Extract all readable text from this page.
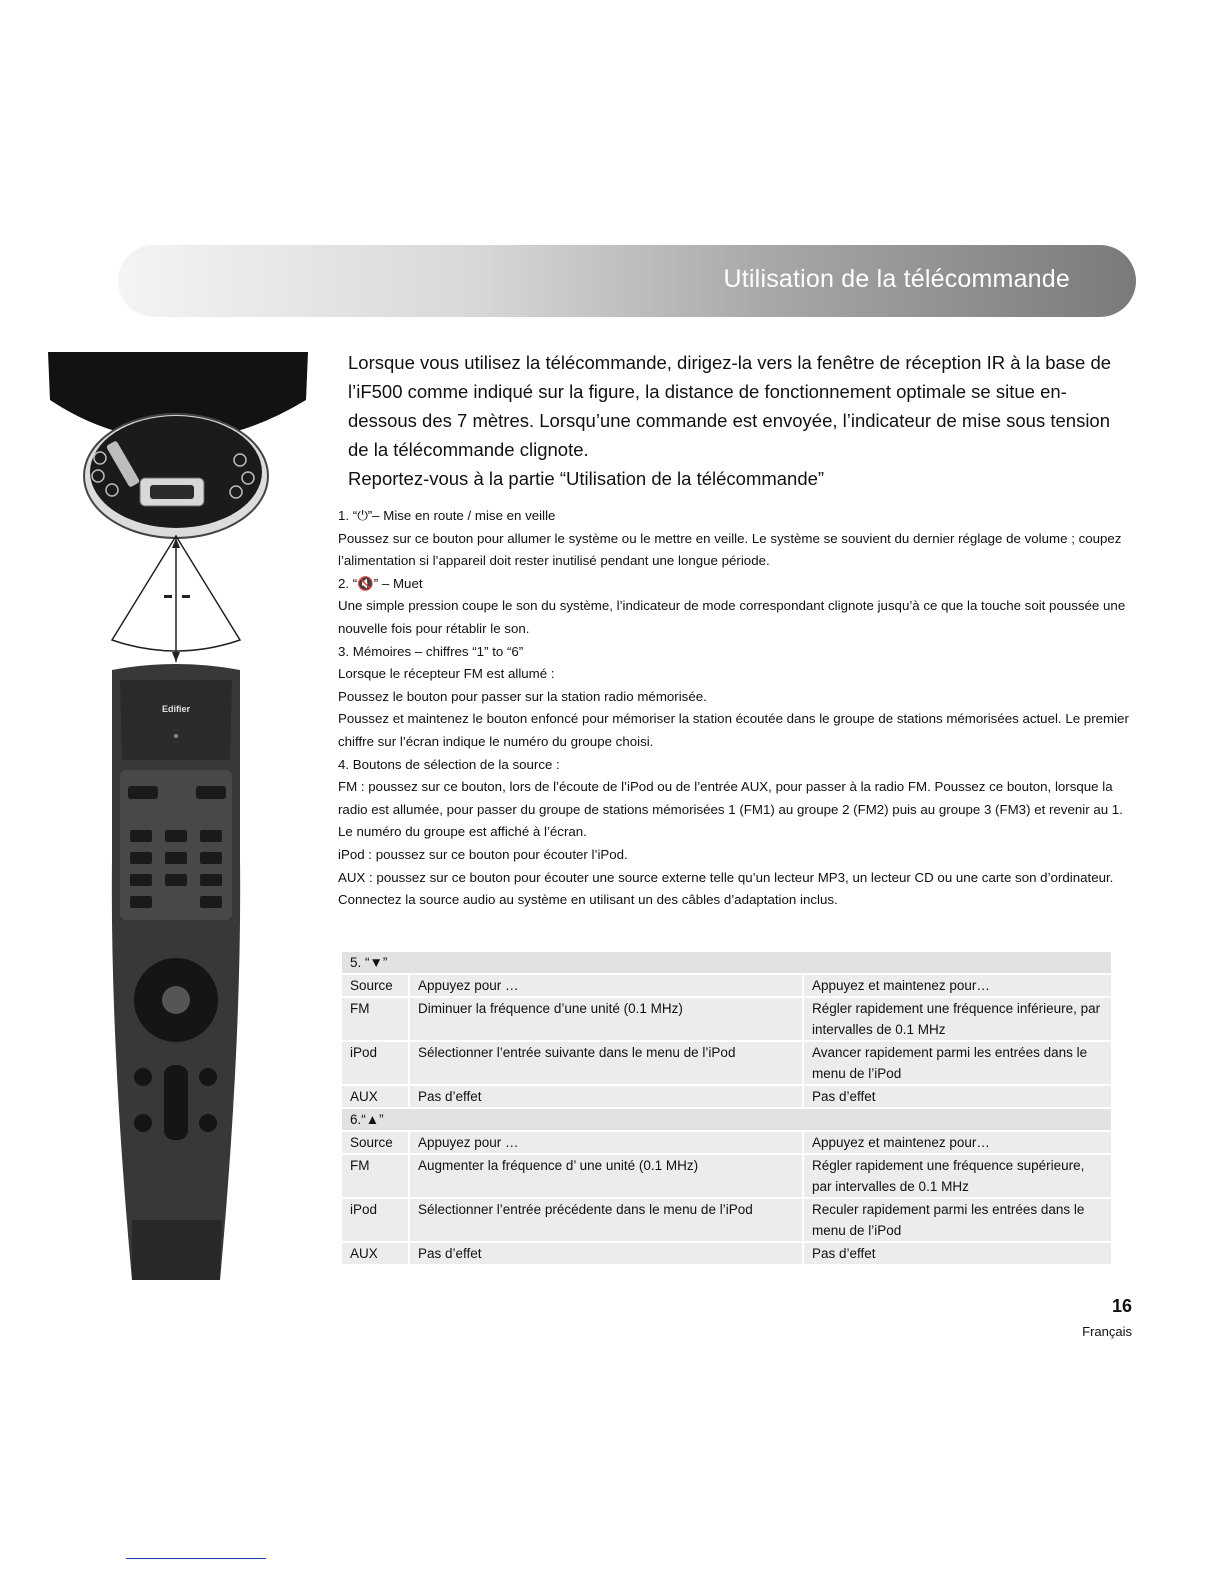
Utilisation de la télécommande
Edifier

Lorsque vous utilisez la télécommande, dirigez-la vers la fenêtre de réception IR à la base de l’iF500 comme indiqué sur la figure, la distance de fonctionnement optimale se situe en-dessous des 7 mètres. Lorsqu’une commande est envoyée, l’indicateur de mise sous tension de la télécommande clignote.

Reportez-vous à la partie “Utilisation de la télécommande”

1. “⏻”– Mise en route / mise en veille

Poussez sur ce bouton pour allumer le système ou le mettre en veille. Le système se souvient du dernier réglage de volume ; coupez l’alimentation si l’appareil doit rester inutilisé pendant une longue période.

2. “🔇” – Muet

Une simple pression coupe le son du système, l’indicateur de mode correspondant clignote jusqu’à ce que la touche soit poussée une nouvelle fois pour rétablir le son.

3. Mémoires – chiffres “1” to “6”

Lorsque le récepteur FM est allumé :

Poussez le bouton pour passer sur la station radio mémorisée.

Poussez et maintenez le bouton enfoncé pour mémoriser la station écoutée dans le groupe de stations mémorisées actuel. Le premier chiffre sur l’écran indique le numéro du groupe choisi.

4. Boutons de sélection de la source :

FM : poussez sur ce bouton, lors de l’écoute de l’iPod ou de l’entrée AUX, pour passer à la radio FM. Poussez ce bouton, lorsque la radio est allumée, pour passer du groupe de stations mémorisées 1 (FM1) au groupe 2 (FM2) puis au groupe 3 (FM3) et revenir au 1. Le numéro du groupe est affiché à l’écran.

iPod : poussez sur ce bouton pour écouter l’iPod.

AUX : poussez sur ce bouton pour écouter une source externe telle qu’un lecteur MP3, un lecteur CD ou une carte son d’ordinateur. Connectez la source audio au système en utilisant un des câbles d’adaptation inclus.

5. “▼”		
Source	Appuyez pour …	Appuyez et maintenez pour…
FM	Diminuer la fréquence d’une unité (0.1 MHz)	Régler rapidement une fréquence inférieure, par intervalles de 0.1 MHz
iPod	Sélectionner l’entrée suivante dans le menu de l’iPod	Avancer rapidement parmi les entrées dans le menu de l’iPod
AUX	Pas d’effet	Pas d’effet
6.“▲”		
Source	Appuyez pour …	Appuyez et maintenez pour…
FM	Augmenter la fréquence d’ une unité (0.1 MHz)	Régler rapidement une fréquence supérieure, par intervalles de 0.1 MHz
iPod	Sélectionner l’entrée précédente dans le menu de l’iPod	Reculer rapidement parmi les entrées dans le menu de l’iPod
AUX	Pas d’effet	Pas d’effet
16
Français
